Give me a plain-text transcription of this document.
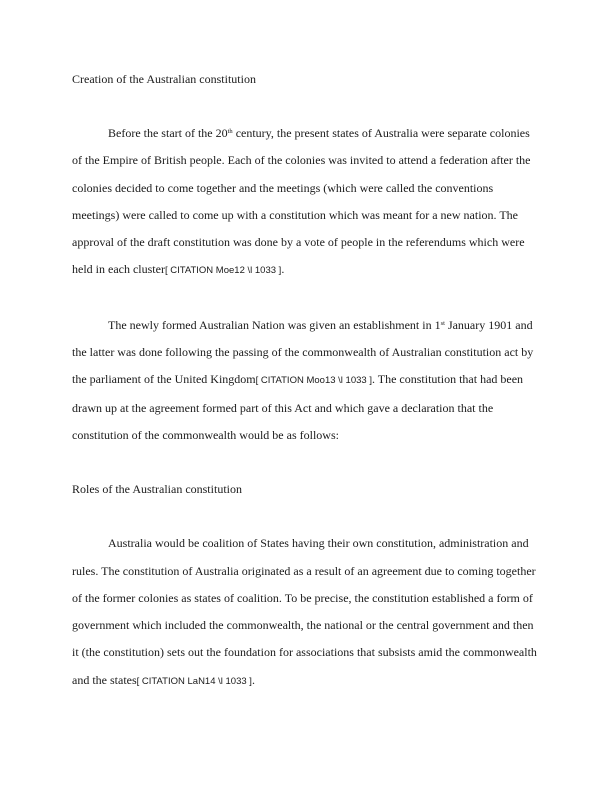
Creation of the Australian constitution

Before the start of the 20th century, the present states of Australia were separate colonies of the Empire of British people. Each of the colonies was invited to attend a federation after the colonies decided to come together and the meetings (which were called the conventions meetings) were called to come up with a constitution which was meant for a new nation. The approval of the draft constitution was done by a vote of people in the referendums which were held in each cluster[ CITATION Moe12 \l 1033 ].

The newly formed Australian Nation was given an establishment in 1st January 1901 and the latter was done following the passing of the commonwealth of Australian constitution act by the parliament of the United Kingdom[ CITATION Moo13 \l 1033 ]. The constitution that had been drawn up at the agreement formed part of this Act and which gave a declaration that the constitution of the commonwealth would be as follows:

Roles of the Australian constitution

Australia would be coalition of States having their own constitution, administration and rules. The constitution of Australia originated as a result of an agreement due to coming together of the former colonies as states of coalition. To be precise, the constitution established a form of government which included the commonwealth, the national or the central government and then it (the constitution) sets out the foundation for associations that subsists amid the commonwealth and the states[ CITATION LaN14 \l 1033 ].
